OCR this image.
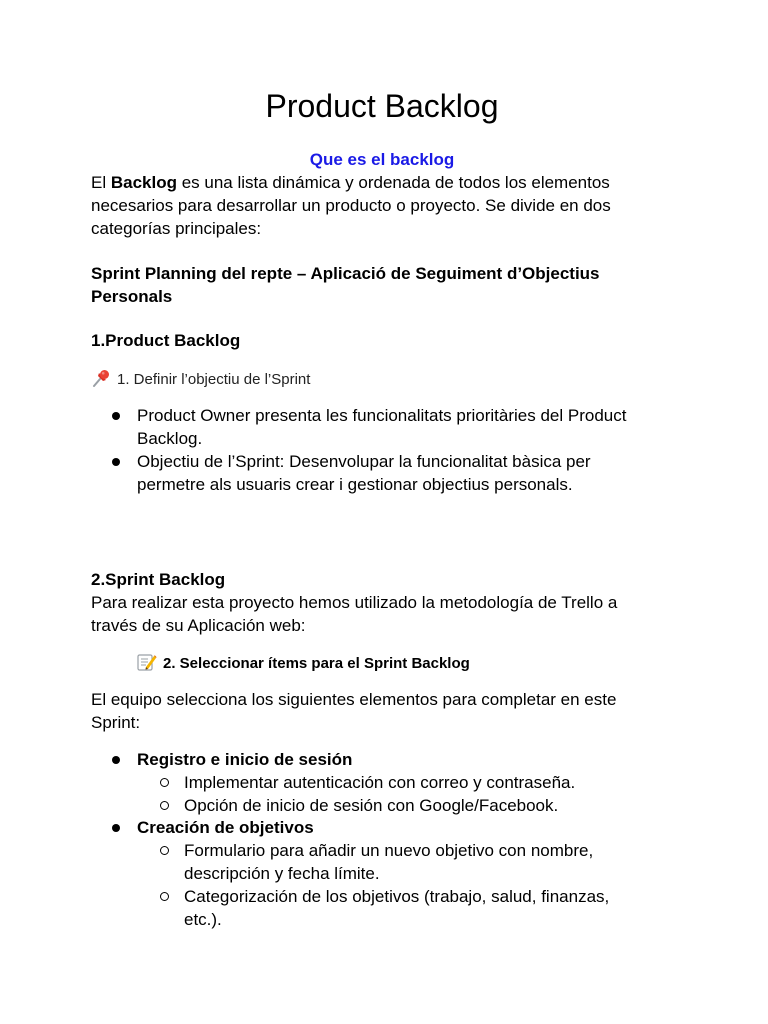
Product Backlog
Que es el backlog

El Backlog es una lista dinámica y ordenada de todos los elementos
necesarios para desarrollar un producto o proyecto. Se divide en dos
categorías principales:

Sprint Planning del repte – Aplicació de Seguiment d’Objectius
Personals

1.Product Backlog

1. Definir l’objectiu de l’Sprint

Product Owner presenta les funcionalitats prioritàries del Product
Backlog.
Objectiu de l’Sprint: Desenvolupar la funcionalitat bàsica per
permetre als usuaris crear i gestionar objectius personals.

2.Sprint Backlog

Para realizar esta proyecto hemos utilizado la metodología de Trello a
través de su Aplicación web:

2. Seleccionar ítems para el Sprint Backlog

El equipo selecciona los siguientes elementos para completar en este
Sprint:

Registro e inicio de sesión
Implementar autenticación con correo y contraseña.
Opción de inicio de sesión con Google/Facebook.
Creación de objetivos
Formulario para añadir un nuevo objetivo con nombre,
descripción y fecha límite.
Categorización de los objetivos (trabajo, salud, finanzas,
etc.).
